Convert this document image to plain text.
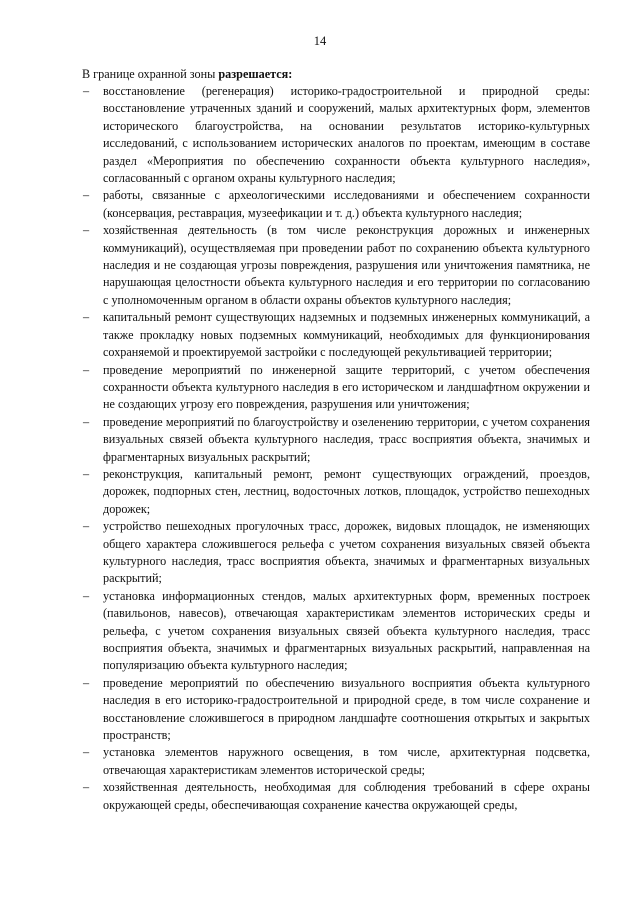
14
В границе охранной зоны разрешается:
–	восстановление (регенерация) историко-градостроительной и природной среды: восстановление утраченных зданий и сооружений, малых архитектурных форм, элементов исторического благоустройства, на основании результатов историко-культурных исследований, с использованием исторических аналогов по проектам, имеющим в составе раздел «Мероприятия по обеспечению сохранности объекта культурного наследия», согласованный с органом охраны культурного наследия;
–	работы, связанные с археологическими исследованиями и обеспечением сохранности (консервация, реставрация, музеефикации и т. д.) объекта культурного наследия;
–	хозяйственная деятельность (в том числе реконструкция дорожных и инженерных коммуникаций), осуществляемая при проведении работ по сохранению объекта культурного наследия и не создающая угрозы повреждения, разрушения или уничтожения памятника, не нарушающая целостности объекта культурного наследия и его территории по согласованию с уполномоченным органом в области охраны объектов культурного наследия;
–	капитальный ремонт существующих надземных и подземных инженерных коммуникаций, а также прокладку новых подземных коммуникаций, необходимых для функционирования сохраняемой и проектируемой застройки с последующей рекультивацией территории;
–	проведение мероприятий по инженерной защите территорий, с учетом обеспечения сохранности объекта культурного наследия в его историческом и ландшафтном окружении и не создающих угрозу его повреждения, разрушения или уничтожения;
–	проведение мероприятий по благоустройству и озеленению территории, с учетом сохранения визуальных связей объекта культурного наследия, трасс восприятия объекта, значимых и фрагментарных визуальных раскрытий;
–	реконструкция, капитальный ремонт, ремонт существующих ограждений, проездов, дорожек, подпорных стен, лестниц, водосточных лотков, площадок, устройство пешеходных дорожек;
–	устройство пешеходных прогулочных трасс, дорожек, видовых площадок, не изменяющих общего характера сложившегося рельефа с учетом сохранения визуальных связей объекта культурного наследия, трасс восприятия объекта, значимых и фрагментарных визуальных раскрытий;
–	установка информационных стендов, малых архитектурных форм, временных построек (павильонов, навесов), отвечающая характеристикам элементов исторических среды и рельефа, с учетом сохранения визуальных связей объекта культурного наследия, трасс восприятия объекта, значимых и фрагментарных визуальных раскрытий, направленная на популяризацию объекта культурного наследия;
–	проведение мероприятий по обеспечению визуального восприятия объекта культурного наследия в его историко-градостроительной и природной среде, в том числе сохранение и восстановление сложившегося в природном ландшафте соотношения открытых и закрытых пространств;
–	установка элементов наружного освещения, в том числе, архитектурная подсветка, отвечающая характеристикам элементов исторической среды;
–	хозяйственная деятельность, необходимая для соблюдения требований в сфере охраны окружающей среды, обеспечивающая сохранение качества окружающей среды,
